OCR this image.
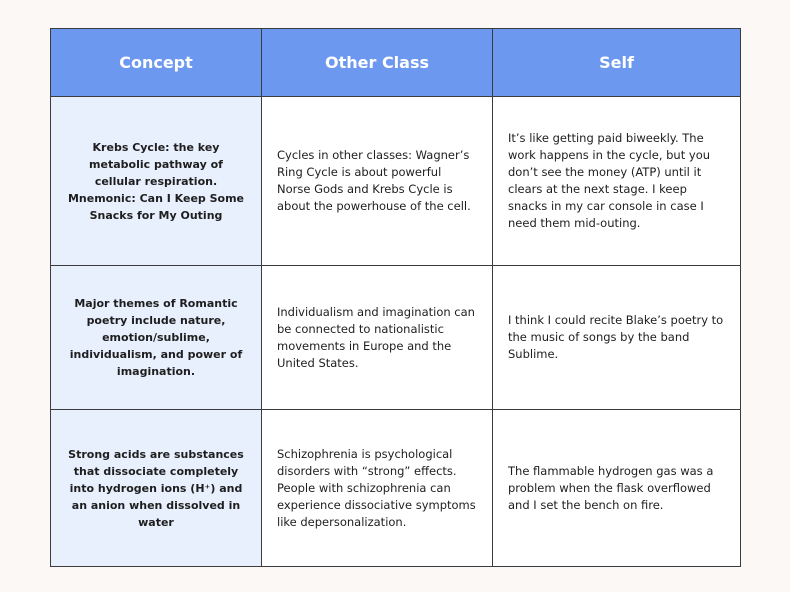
Concept	Other Class	Self
Krebs Cycle: the key metabolic pathway of cellular respiration. Mnemonic: Can I Keep Some Snacks for My Outing	Cycles in other classes: Wagner’s Ring Cycle is about powerful Norse Gods and Krebs Cycle is about the powerhouse of the cell.	It’s like getting paid biweekly. The work happens in the cycle, but you don’t see the money (ATP) until it clears at the next stage. I keep snacks in my car console in case I need them mid-outing.
Major themes of Romantic poetry include nature, emotion/sublime, individualism, and power of imagination.	Individualism and imagination can be connected to nationalistic movements in Europe and the United States.	I think I could recite Blake’s poetry to the music of songs by the band Sublime.
Strong acids are substances that dissociate completely into hydrogen ions (H⁺) and an anion when dissolved in water	Schizophrenia is psychological disorders with “strong” effects. People with schizophrenia can experience dissociative symptoms like depersonalization.	The flammable hydrogen gas was a problem when the flask overflowed and I set the bench on fire.
